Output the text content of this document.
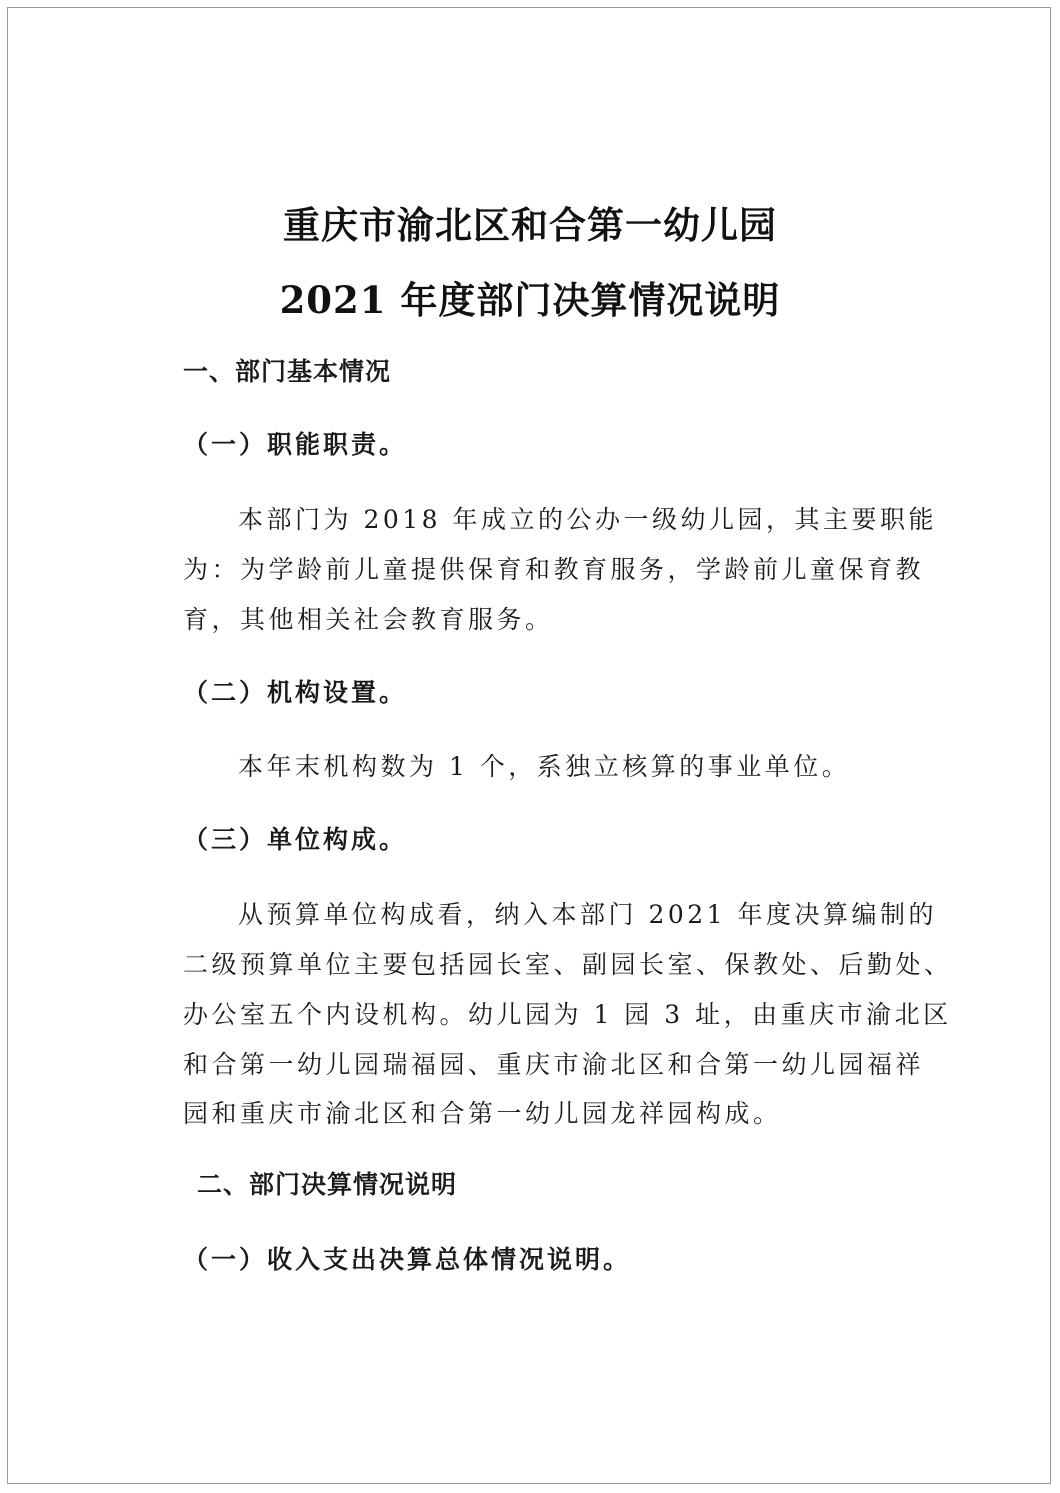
重庆市渝北区和合第一幼儿园
2021 年度部门决算情况说明
一、部门基本情况
（一）职能职责。

本部门为 2018 年成立的公办一级幼儿园，其主要职能

为：为学龄前儿童提供保育和教育服务，学龄前儿童保育教

育，其他相关社会教育服务。

（二）机构设置。

本年末机构数为 1 个，系独立核算的事业单位。

（三）单位构成。

从预算单位构成看，纳入本部门 2021 年度决算编制的

二级预算单位主要包括园长室、副园长室、保教处、后勤处、

办公室五个内设机构。幼儿园为 1 园 3 址，由重庆市渝北区

和合第一幼儿园瑞福园、重庆市渝北区和合第一幼儿园福祥

园和重庆市渝北区和合第一幼儿园龙祥园构成。

二、部门决算情况说明
（一）收入支出决算总体情况说明。
